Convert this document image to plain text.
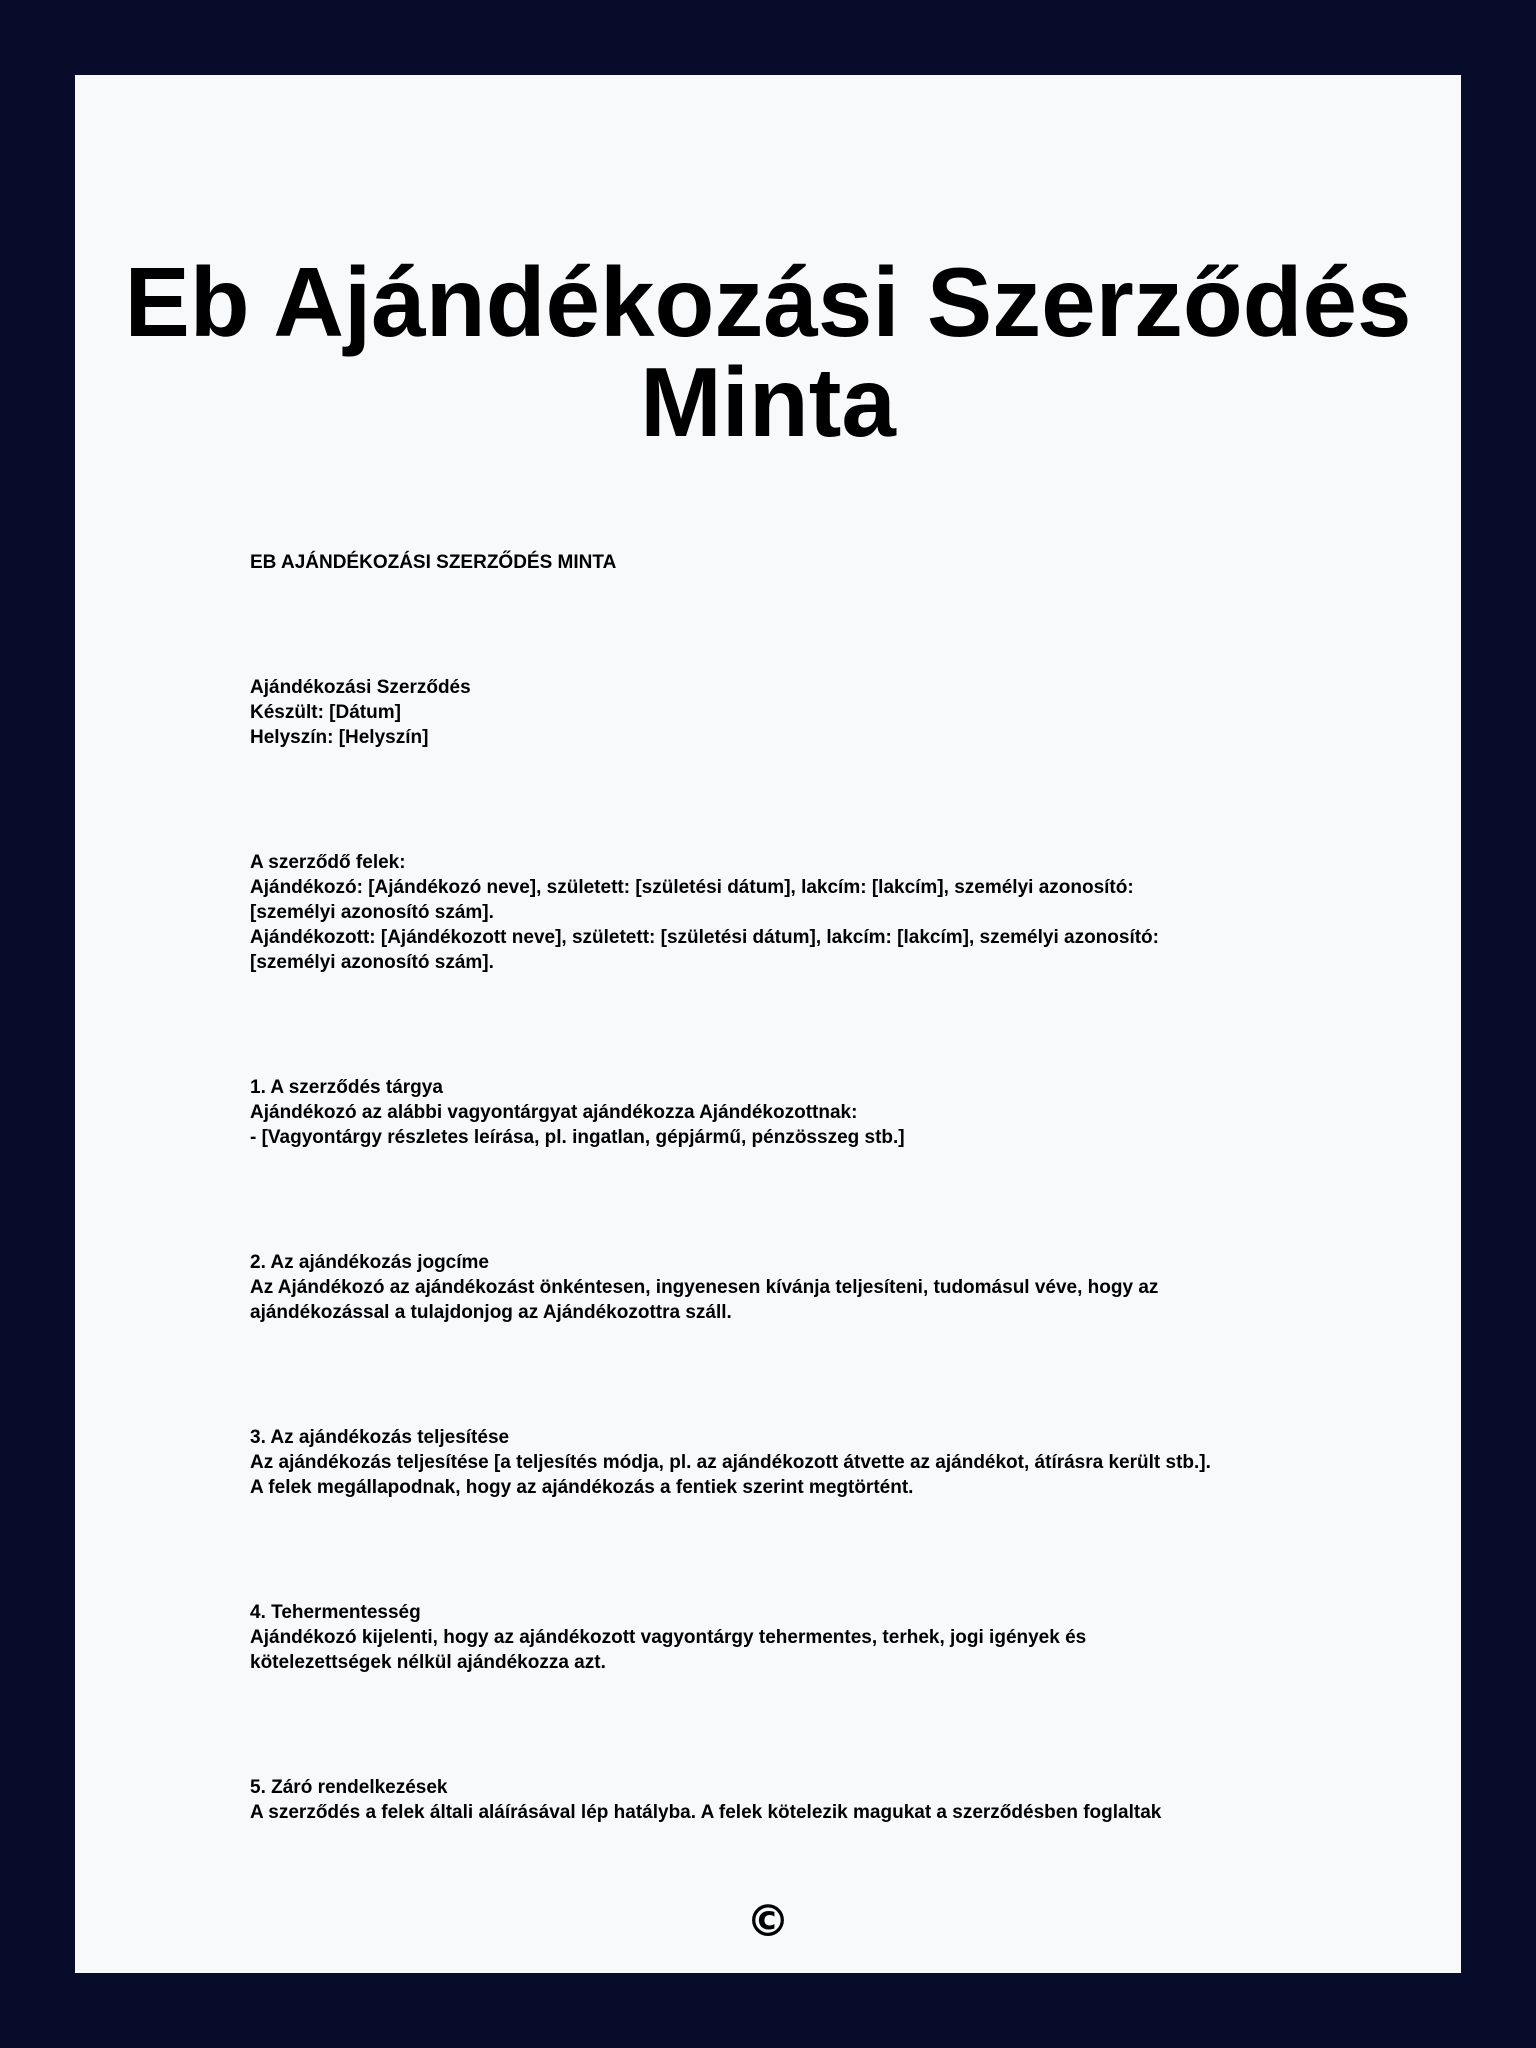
Eb Ajándékozási Szerződés
Minta
EB AJÁNDÉKOZÁSI SZERZŐDÉS MINTA
Ajándékozási Szerződés
Készült: [Dátum]
Helyszín: [Helyszín]
A szerződő felek:
Ajándékozó: [Ajándékozó neve], született: [születési dátum], lakcím: [lakcím], személyi azonosító:
[személyi azonosító szám].
Ajándékozott: [Ajándékozott neve], született: [születési dátum], lakcím: [lakcím], személyi azonosító:
[személyi azonosító szám].
1. A szerződés tárgya
Ajándékozó az alábbi vagyontárgyat ajándékozza Ajándékozottnak:
- [Vagyontárgy részletes leírása, pl. ingatlan, gépjármű, pénzösszeg stb.]
2. Az ajándékozás jogcíme
Az Ajándékozó az ajándékozást önkéntesen, ingyenesen kívánja teljesíteni, tudomásul véve, hogy az
ajándékozással a tulajdonjog az Ajándékozottra száll.
3. Az ajándékozás teljesítése
Az ajándékozás teljesítése [a teljesítés módja, pl. az ajándékozott átvette az ajándékot, átírásra került stb.].
A felek megállapodnak, hogy az ajándékozás a fentiek szerint megtörtént.
4. Tehermentesség
Ajándékozó kijelenti, hogy az ajándékozott vagyontárgy tehermentes, terhek, jogi igények és
kötelezettségek nélkül ajándékozza azt.
5. Záró rendelkezések
A szerződés a felek általi aláírásával lép hatályba. A felek kötelezik magukat a szerződésben foglaltak
©
